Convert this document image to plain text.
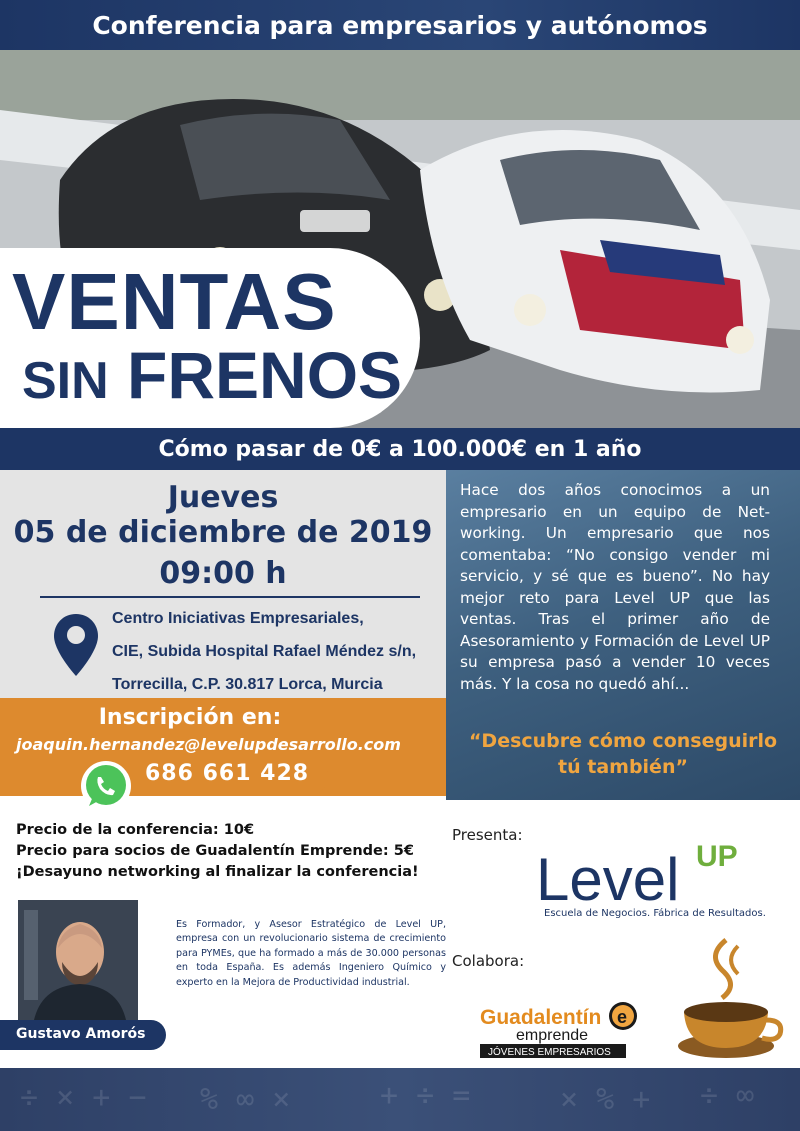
Conferencia para empresarios y autónomos
VENTAS
SIN FRENOS
Cómo pasar de 0€ a 100.000€ en 1 año
Jueves
05 de diciembre de 2019
09:00 h
Centro Iniciativas Empresariales,
CIE, Subida Hospital Rafael Méndez s/n,
Torrecilla, C.P. 30.817 Lorca, Murcia
Inscripción en:
joaquin.hernandez@levelupdesarrollo.com
686 661 428
Hace dos años conocimos a un empresario en un equipo de Net-working. Un empresario que nos comentaba: “No consigo vender mi servicio, y sé que es bueno”. No hay mejor reto para Level UP que las ventas. Tras el primer año de Asesoramiento y Formación de Level UP su empresa pasó a vender 10 veces más. Y la cosa no quedó ahí...
“Descubre cómo conseguirlo
tú también”
Precio de la conferencia: 10€
Precio para socios de Guadalentín Emprende: 5€
¡Desayuno networking al finalizar la conferencia!
Gustavo Amorós
Es Formador, y Asesor Estratégico de Level UP, empresa con un revolucionario sistema de crecimiento para PYMEs, que ha formado a más de 30.000 personas en toda España. Es además Ingeniero Químico y experto en la Mejora de Productividad industrial.
Presenta:
Level UP
Escuela de Negocios. Fábrica de Resultados.
Colabora:
Guadalentín e
emprende
JÓVENES EMPRESARIOS
÷ × + − % ∞ ×	+ ÷ =	× % + ÷ ∞
